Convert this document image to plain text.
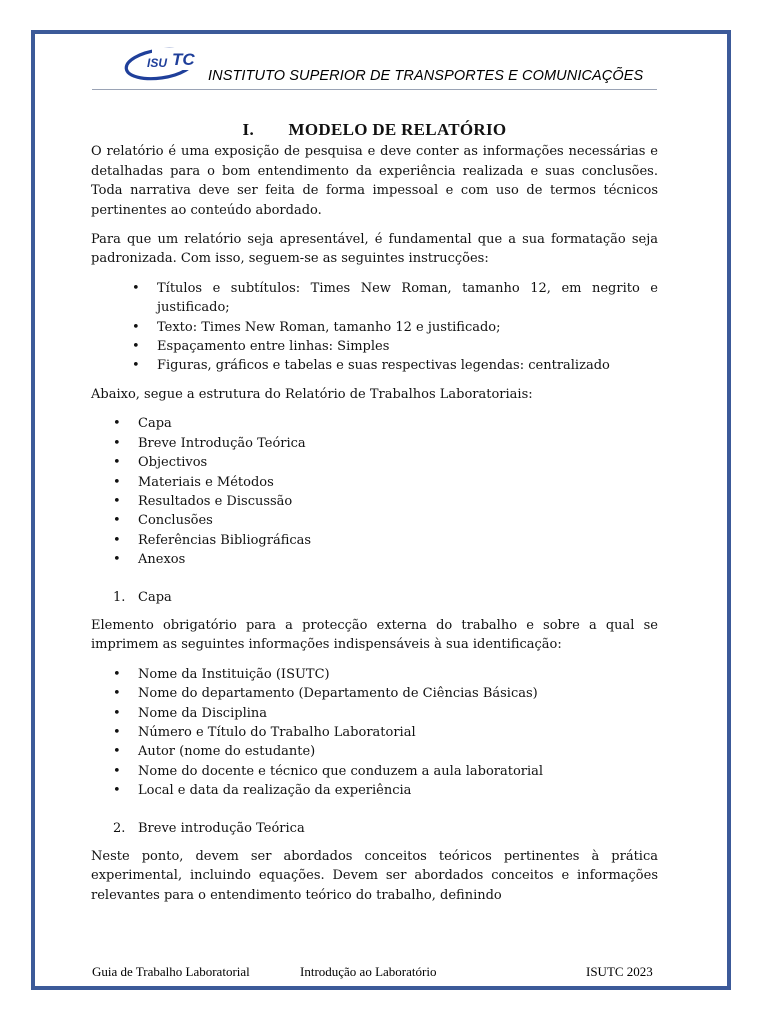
ISU TC
INSTITUTO SUPERIOR DE TRANSPORTES E COMUNICAÇÕES
I. MODELO DE RELATÓRIO

O relatório é uma exposição de pesquisa e deve conter as informações necessárias e detalhadas para o bom entendimento da experiência realizada e suas conclusões. Toda narrativa deve ser feita de forma impessoal e com uso de termos técnicos pertinentes ao conteúdo abordado.

Para que um relatório seja apresentável, é fundamental que a sua formatação seja padronizada. Com isso, seguem-se as seguintes instrucções:

• Títulos e subtítulos: Times New Roman, tamanho 12, em negrito e justificado;
• Texto: Times New Roman, tamanho 12 e justificado;
• Espaçamento entre linhas: Simples
• Figuras, gráficos e tabelas e suas respectivas legendas: centralizado

Abaixo, segue a estrutura do Relatório de Trabalhos Laboratoriais:

• Capa
• Breve Introdução Teórica
• Objectivos
• Materiais e Métodos
• Resultados e Discussão
• Conclusões
• Referências Bibliográficas
• Anexos
1. Capa

Elemento obrigatório para a protecção externa do trabalho e sobre a qual se imprimem as seguintes informações indispensáveis à sua identificação:

• Nome da Instituição (ISUTC)
• Nome do departamento (Departamento de Ciências Básicas)
• Nome da Disciplina
• Número e Título do Trabalho Laboratorial
• Autor (nome do estudante)
• Nome do docente e técnico que conduzem a aula laboratorial
• Local e data da realização da experiência
2. Breve introdução Teórica

Neste ponto, devem ser abordados conceitos teóricos pertinentes à prática experimental, incluindo equações. Devem ser abordados conceitos e informações relevantes para o entendimento teórico do trabalho, definindo

Guia de Trabalho Laboratorial	Introdução ao Laboratório	ISUTC 2023
